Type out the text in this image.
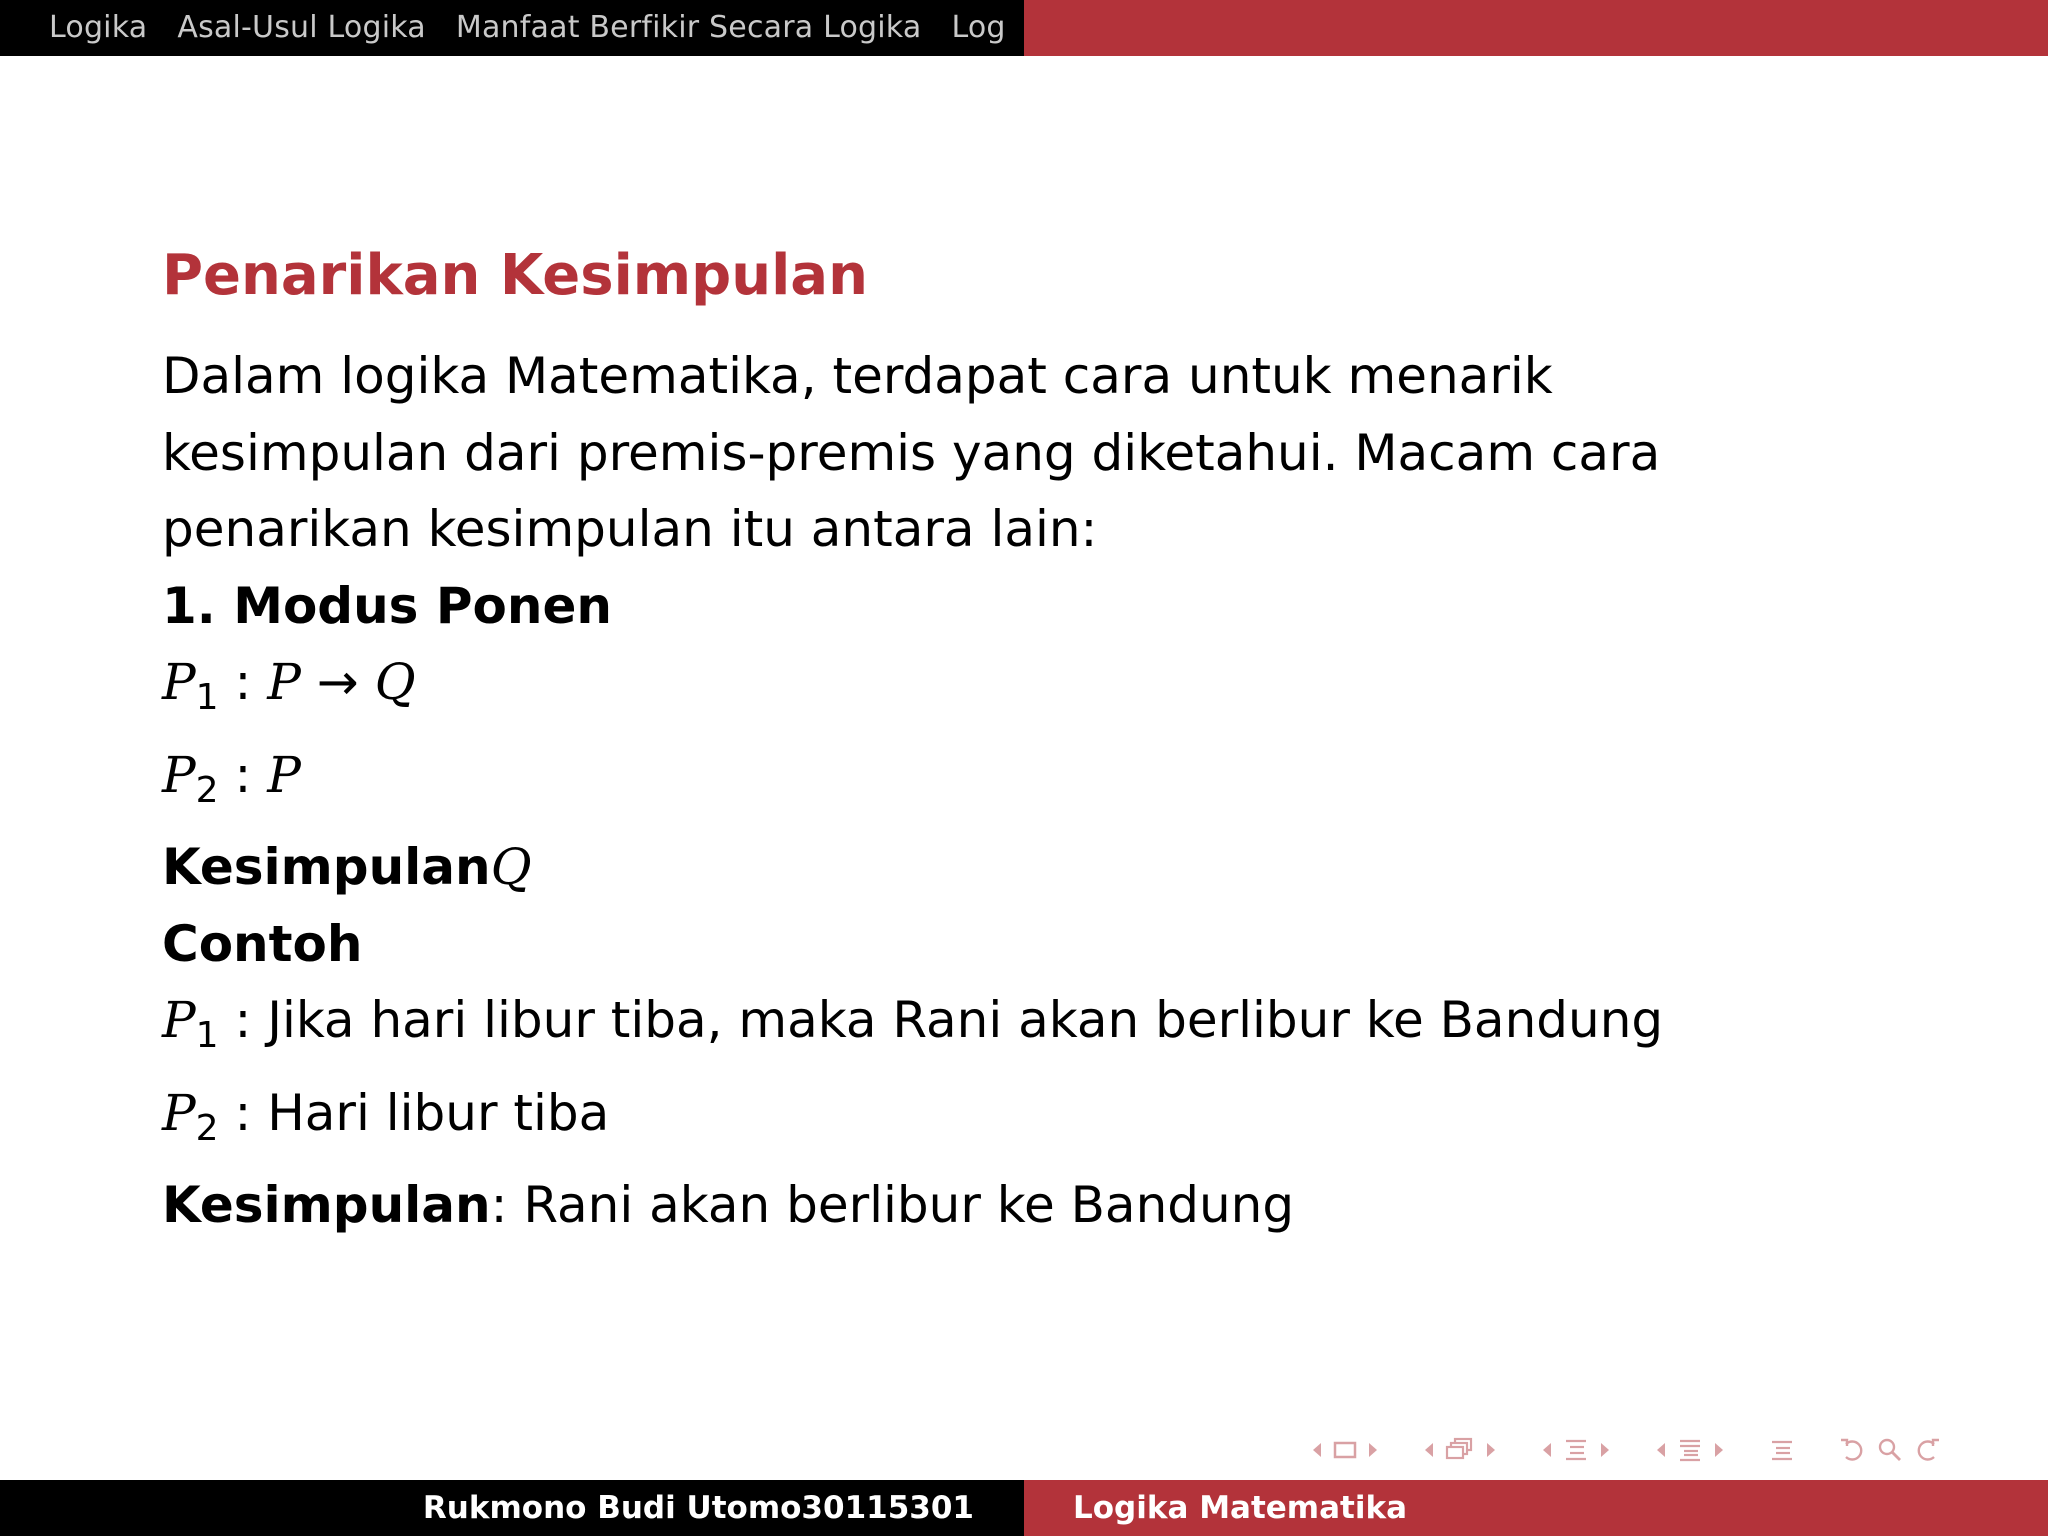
Logika Asal-Usul Logika Manfaat Berfikir Secara Logika Log
Penarikan Kesimpulan
Dalam logika Matematika, terdapat cara untuk menarik
kesimpulan dari premis-premis yang diketahui. Macam cara
penarikan kesimpulan itu antara lain:
1. Modus Ponen
$P_1$ : P → Q
$P_2$ : P
KesimpulanQ
Contoh
$P_1$ : Jika hari libur tiba, maka Rani akan berlibur ke Bandung
$P_2$ : Hari libur tiba
Kesimpulan: Rani akan berlibur ke Bandung
Rukmono Budi Utomo30115301	Logika Matematika
